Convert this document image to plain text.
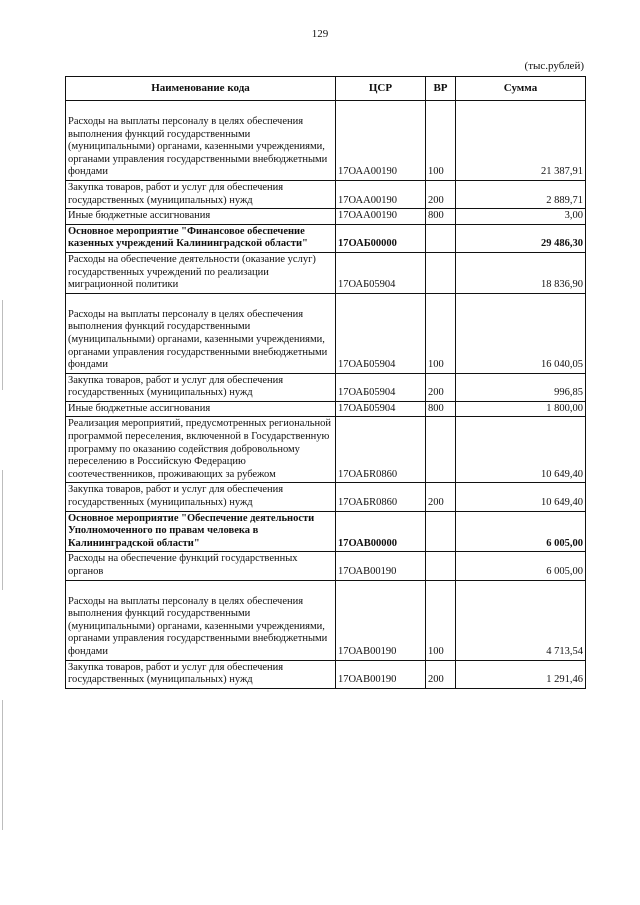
129
(тыс.рублей)
Наименование кода	ЦСР	ВР	Сумма

Расходы на выплаты персоналу в целях обеспечения выполнения функций государственными (муниципальными) органами, казенными учреждениями, органами управления государственными внебюджетными фондами	17ОАА00190	100	21 387,91
Закупка товаров, работ и услуг для обеспечения государственных (муниципальных) нужд	17ОАА00190	200	2 889,71
Иные бюджетные ассигнования	17ОАА00190	800	3,00
Основное мероприятие "Финансовое обеспечение казенных учреждений Калининградской области"	17ОАБ00000		29 486,30
Расходы на обеспечение деятельности (оказание услуг) государственных учреждений по реализации миграционной политики	17ОАБ05904		18 836,90

Расходы на выплаты персоналу в целях обеспечения выполнения функций государственными (муниципальными) органами, казенными учреждениями, органами управления государственными внебюджетными фондами	17ОАБ05904	100	16 040,05
Закупка товаров, работ и услуг для обеспечения государственных (муниципальных) нужд	17ОАБ05904	200	996,85
Иные бюджетные ассигнования	17ОАБ05904	800	1 800,00
Реализация мероприятий, предусмотренных региональной программой переселения, включенной в Государственную программу по оказанию содействия добровольному переселению в Российскую Федерацию соотечественников, проживающих за рубежом	17ОАБR0860		10 649,40
Закупка товаров, работ и услуг для обеспечения государственных (муниципальных) нужд	17ОАБR0860	200	10 649,40
Основное мероприятие "Обеспечение деятельности Уполномоченного по правам человека в Калининградской области"	17ОАВ00000		6 005,00
Расходы на обеспечение функций государственных органов	17ОАВ00190		6 005,00

Расходы на выплаты персоналу в целях обеспечения выполнения функций государственными (муниципальными) органами, казенными учреждениями, органами управления государственными внебюджетными фондами	17ОАВ00190	100	4 713,54
Закупка товаров, работ и услуг для обеспечения государственных (муниципальных) нужд	17ОАВ00190	200	1 291,46
